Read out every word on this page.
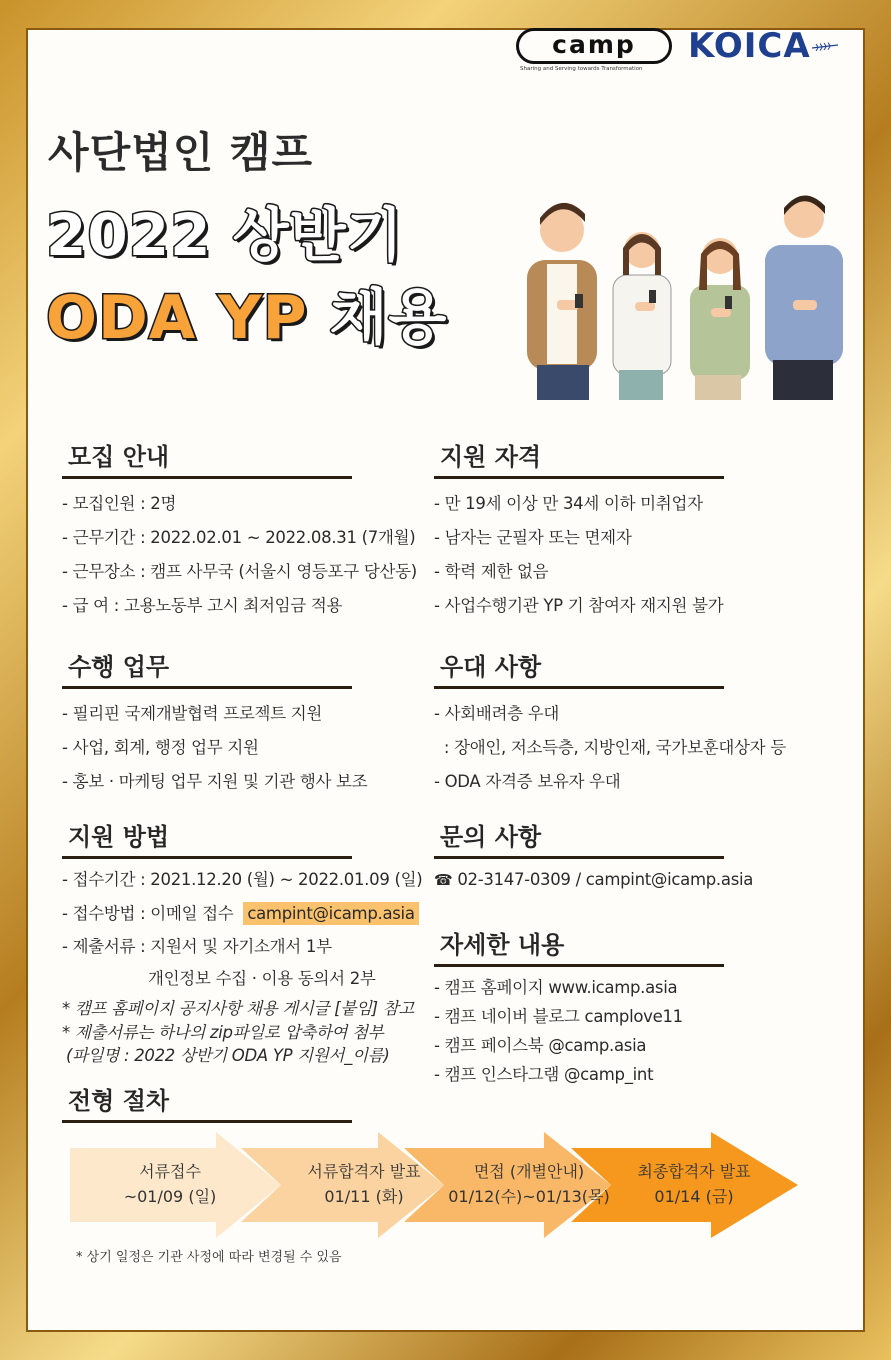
camp
Sharing and Serving towards Transformation
KOICA
사단법인 캠프
2022 상반기
ODA YP 채용
모집 안내
- 모집인원 : 2명
- 근무기간 : 2022.02.01 ~ 2022.08.31 (7개월)
- 근무장소 : 캠프 사무국 (서울시 영등포구 당산동)
- 급 여 : 고용노동부 고시 최저임금 적용
지원 자격
- 만 19세 이상 만 34세 이하 미취업자
- 남자는 군필자 또는 면제자
- 학력 제한 없음
- 사업수행기관 YP 기 참여자 재지원 불가
수행 업무
- 필리핀 국제개발협력 프로젝트 지원
- 사업, 회계, 행정 업무 지원
- 홍보 · 마케팅 업무 지원 및 기관 행사 보조
우대 사항
- 사회배려층 우대
: 장애인, 저소득층, 지방인재, 국가보훈대상자 등
- ODA 자격증 보유자 우대
지원 방법
- 접수기간 : 2021.12.20 (월) ~ 2022.01.09 (일)
- 접수방법 : 이메일 접수 campint@icamp.asia
- 제출서류 : 지원서 및 자기소개서 1부
개인정보 수집 · 이용 동의서 2부
* 캠프 홈페이지 공지사항 채용 게시글 [붙임] 참고
* 제출서류는 하나의 zip파일로 압축하여 첨부
(파일명 : 2022 상반기 ODA YP 지원서_이름)
문의 사항
☎ 02-3147-0309 / campint@icamp.asia
자세한 내용
- 캠프 홈페이지 www.icamp.asia
- 캠프 네이버 블로그 camplove11
- 캠프 페이스북 @camp.asia
- 캠프 인스타그램 @camp_int
전형 절차
서류접수
~01/09 (일)
서류합격자 발표
01/11 (화)
면접 (개별안내)
01/12(수)~01/13(목)
최종합격자 발표
01/14 (금)
* 상기 일정은 기관 사정에 따라 변경될 수 있음
